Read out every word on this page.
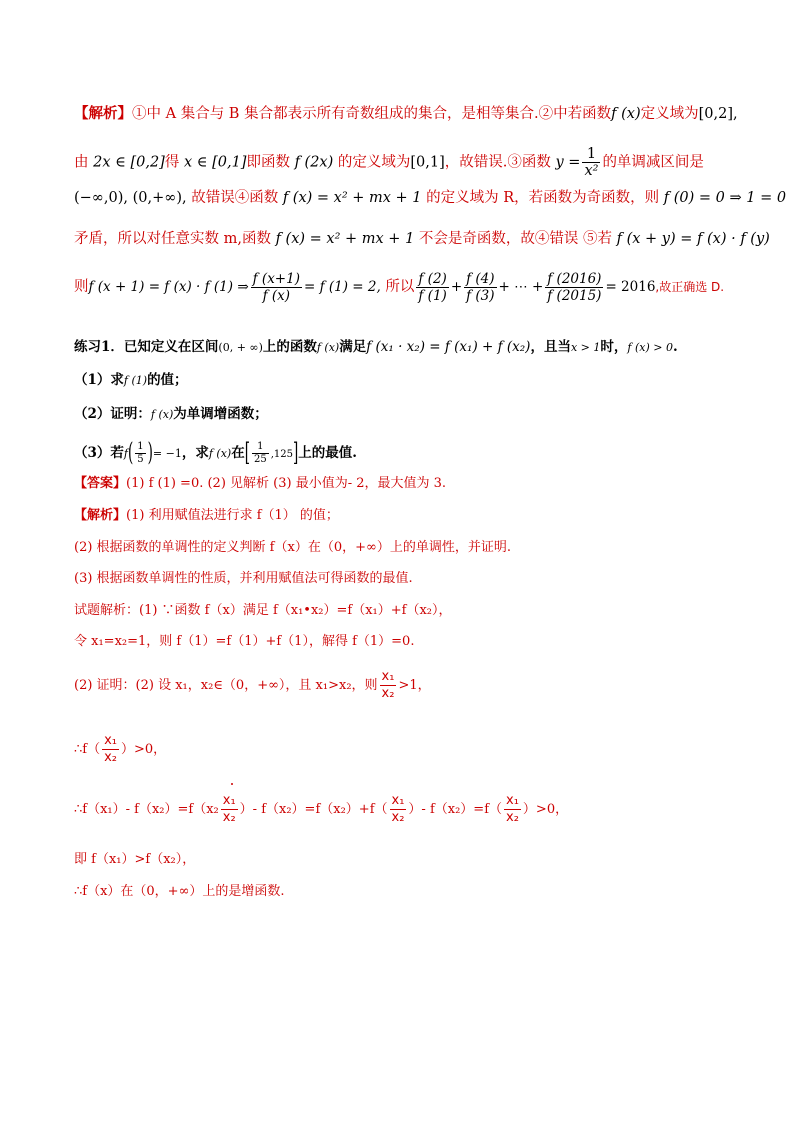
【解析】①中 A 集合与 B 集合都表示所有奇数组成的集合，是相等集合.②中若函数f (x)定义域为[0,2],
由 2x ∈ [0,2]得 x ∈ [0,1]即函数 f (2x) 的定义域为[0,1]，故错误.③函数 $y = \frac{1}{\text{x²}}$ 的单调减区间是
(−∞,0), (0,+∞), 故错误④函数 f (x) = x² + mx + 1 的定义域为 R，若函数为奇函数，则 f (0) = 0 ⇒ 1 = 0
矛盾，所以对任意实数 m,函数 f (x) = x² + mx + 1 不会是奇函数，故④错误 ⑤若 f (x + y) = f (x) · f (y)
则f (x + 1) = f (x) · f (1) ⇒ $\frac{f (x+1)}{f (x)} = f$ (1) = 2, 所以 $\frac{f (2)}{f (1)} + \frac{f (4)}{f (3)}$ + ⋯ + $\frac{f (2016)}{f (2015)} = 2016$,故正确选 D.
练习1．已知定义在区间(0, + ∞)上的函数f (x)满足f (x₁ · x₂) = f (x₁) + f (x₂)，且当x > 1时，f (x) > 0.
（1）求f (1)的值；
（2）证明：f (x)为单调增函数；
（3）若$f( \frac{1}{5}$ )= −1，求f (x)在[ $\frac{1}{25} ,125$]上的最值.
【答案】(1) f (1) =0. (2) 见解析 (3) 最小值为- 2，最大值为 3.
【解析】(1) 利用赋值法进行求 f（1） 的值；
(2) 根据函数的单调性的定义判断 f（x）在（0，+∞）上的单调性，并证明.
(3) 根据函数单调性的性质，并利用赋值法可得函数的最值.
试题解析：(1) ∵函数 f（x）满足 f（x₁•x₂）=f（x₁）+f（x₂），
令 x₁=x₂=1，则 f（1）=f（1）+f（1），解得 f（1）=0.
(2) 证明：(2) 设 x₁，x₂∈（0，+∞），且 x₁>x₂，则 $\frac{\text{x₁}}{\text{x₂}} >1$，
∴f（ $\frac{\text{x₁}}{\text{x₂}} )>0$，
∴f（x₁）- $f(x_2)=f(x_2 \frac{\text{x₁}}{\text{x₂}}$ ）- $f(x_2)=f(x_2)+f( \frac{\text{x₁}}{\text{x₂}}$ ）- $f(x_2)=f( \frac{\text{x₁}}{\text{x₂}} )>0$，
即 f（x₁）>f（x₂），
∴f（x）在（0，+∞）上的是增函数.
